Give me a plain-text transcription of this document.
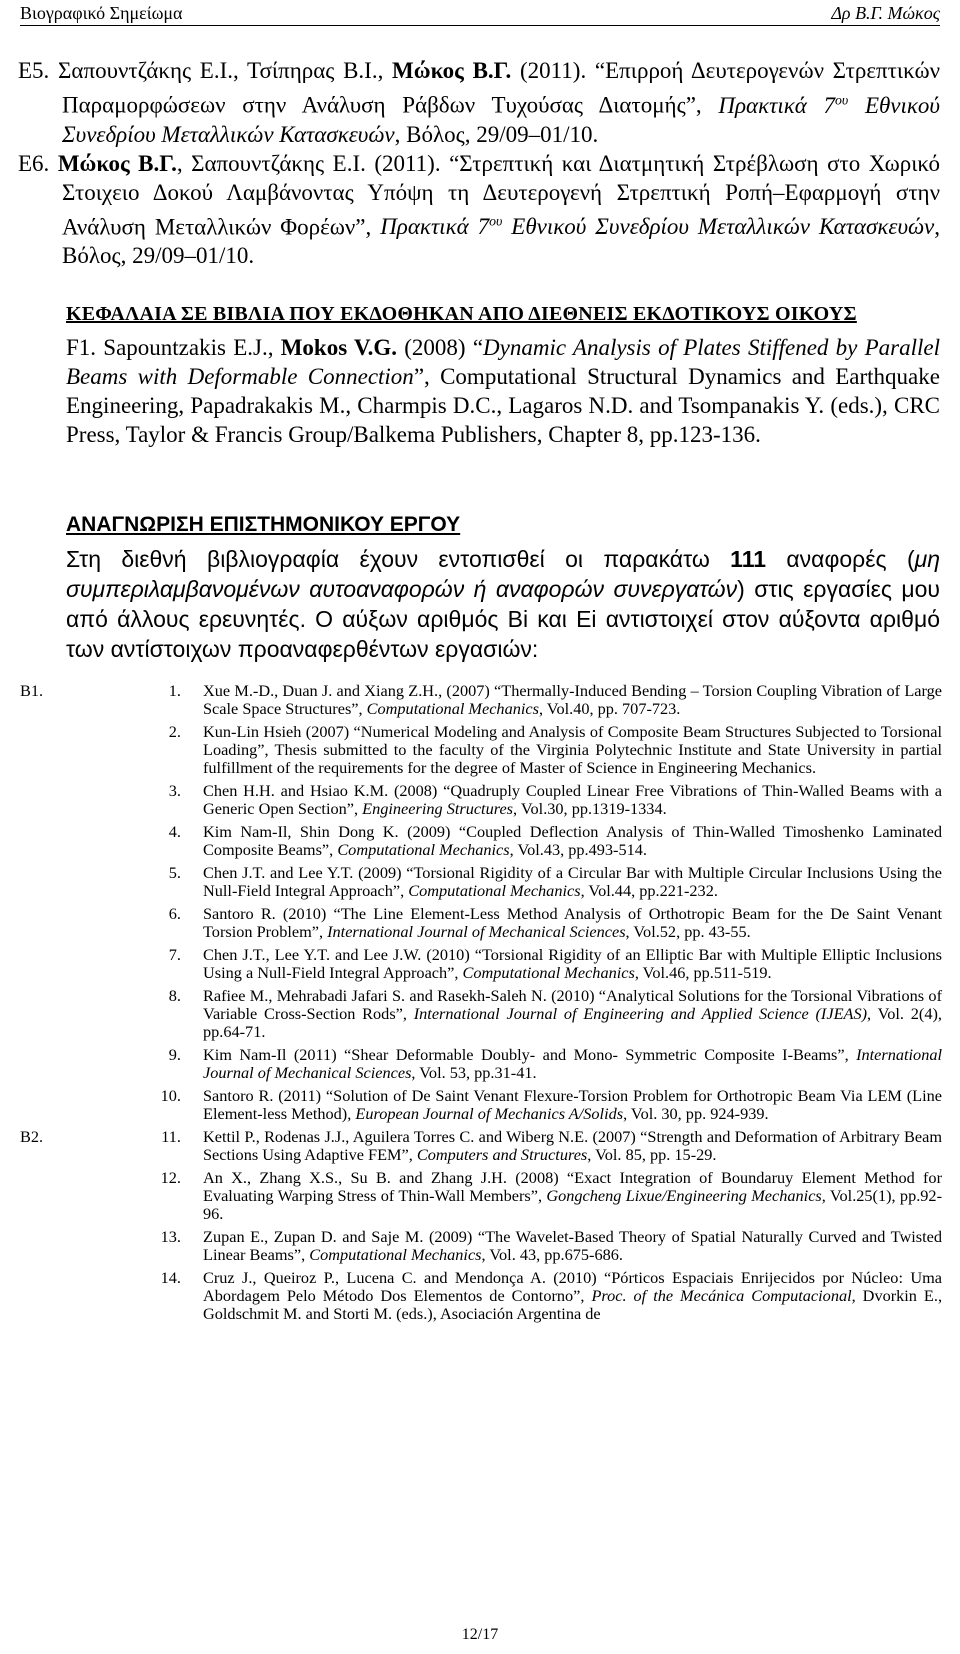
Βιογραφικό Σημείωμα	Δρ Β.Γ. Μώκος

E5. Σαπουντζάκης Ε.Ι., Τσίπηρας Β.Ι., Μώκος Β.Γ. (2011). “Επιρροή Δευτερογενών Στρεπτικών Παραμορφώσεων στην Ανάλυση Ράβδων Τυχούσας Διατομής”, Πρακτικά $7^{o\upsilon}$ Εθνικού Συνεδρίου Μεταλλικών Κατασκευών, Βόλος, 29/09–01/10.

E6. Μώκος Β.Γ., Σαπουντζάκης Ε.Ι. (2011). “Στρεπτική και Διατμητική Στρέβλωση στο Χωρικό Στοιχειο Δοκού Λαμβάνοντας Υπόψη τη Δευτερογενή Στρεπτική Ροπή–Εφαρμογή στην Ανάλυση Μεταλλικών Φορέων”, Πρακτικά $7^{o\upsilon}$ Εθνικού Συνεδρίου Μεταλλικών Κατασκευών, Βόλος, 29/09–01/10.

ΚΕΦΑΛΑΙΑ ΣΕ ΒΙΒΛΙΑ ΠΟΥ ΕΚΔΟΘΗΚΑΝ ΑΠΟ ΔΙΕΘΝΕΙΣ ΕΚΔΟΤΙΚΟΥΣ ΟΙΚΟΥΣ
F1. Sapountzakis E.J., Mokos V.G. (2008) “Dynamic Analysis of Plates Stiffened by Parallel Beams with Deformable Connection”, Computational Structural Dynamics and Earthquake Engineering, Papadrakakis M., Charmpis D.C., Lagaros N.D. and Tsompanakis Y. (eds.), CRC Press, Taylor & Francis Group/Balkema Publishers, Chapter 8, pp.123-136.
ΑΝΑΓΝΩΡΙΣΗ ΕΠΙΣΤΗΜΟΝΙΚΟΥ ΕΡΓΟΥ
Στη διεθνή βιβλιογραφία έχουν εντοπισθεί οι παρακάτω 111 αναφορές (μη συμπεριλαμβανομένων αυτοαναφορών ή αναφορών συνεργατών) στις εργασίες μου από άλλους ερευνητές. Ο αύξων αριθμός Bi και Ei αντιστοιχεί στον αύξοντα αριθμό των αντίστοιχων προαναφερθέντων εργασιών:
B1.	1. Xue M.-D., Duan J. and Xiang Z.H., (2007) “Thermally-Induced Bending – Torsion Coupling Vibration of Large Scale Space Structures”, Computational Mechanics, Vol.40, pp. 707-723.
2. Kun-Lin Hsieh (2007) “Numerical Modeling and Analysis of Composite Beam Structures Subjected to Torsional Loading”, Thesis submitted to the faculty of the Virginia Polytechnic Institute and State University in partial fulfillment of the requirements for the degree of Master of Science in Engineering Mechanics.
3. Chen H.H. and Hsiao K.M. (2008) “Quadruply Coupled Linear Free Vibrations of Thin-Walled Beams with a Generic Open Section”, Engineering Structures, Vol.30, pp.1319-1334.
4. Kim Nam-Il, Shin Dong K. (2009) “Coupled Deflection Analysis of Thin-Walled Timoshenko Laminated Composite Beams”, Computational Mechanics, Vol.43, pp.493-514.
5. Chen J.T. and Lee Y.T. (2009) “Torsional Rigidity of a Circular Bar with Multiple Circular Inclusions Using the Null-Field Integral Approach”, Computational Mechanics, Vol.44, pp.221-232.
6. Santoro R. (2010) “The Line Element-Less Method Analysis of Orthotropic Beam for the De Saint Venant Torsion Problem”, International Journal of Mechanical Sciences, Vol.52, pp. 43-55.
7. Chen J.T., Lee Y.T. and Lee J.W. (2010) “Torsional Rigidity of an Elliptic Bar with Multiple Elliptic Inclusions Using a Null-Field Integral Approach”, Computational Mechanics, Vol.46, pp.511-519.
8. Rafiee M., Mehrabadi Jafari S. and Rasekh-Saleh N. (2010) “Analytical Solutions for the Torsional Vibrations of Variable Cross-Section Rods”, International Journal of Engineering and Applied Science (IJEAS), Vol. 2(4), pp.64-71.
9. Kim Nam-Il (2011) “Shear Deformable Doubly- and Mono- Symmetric Composite I-Beams”, International Journal of Mechanical Sciences, Vol. 53, pp.31-41.
10. Santoro R. (2011) “Solution of De Saint Venant Flexure-Torsion Problem for Orthotropic Beam Via LEM (Line Element-less Method), European Journal of Mechanics A/Solids, Vol. 30, pp. 924-939.
B2.	11. Kettil P., Rodenas J.J., Aguilera Torres C. and Wiberg N.E. (2007) “Strength and Deformation of Arbitrary Beam Sections Using Adaptive FEM”, Computers and Structures, Vol. 85, pp. 15-29.
12. An X., Zhang X.S., Su B. and Zhang J.H. (2008) “Exact Integration of Boundaruy Element Method for Evaluating Warping Stress of Thin-Wall Members”, Gongcheng Lixue/Engineering Mechanics, Vol.25(1), pp.92-96.
13. Zupan E., Zupan D. and Saje M. (2009) “The Wavelet-Based Theory of Spatial Naturally Curved and Twisted Linear Beams”, Computational Mechanics, Vol. 43, pp.675-686.
14. Cruz J., Queiroz P., Lucena C. and Mendonça A. (2010) “Pórticos Espaciais Enrijecidos por Núcleo: Uma Abordagem Pelo Método Dos Elementos de Contorno”, Proc. of the Mecánica Computacional, Dvorkin E., Goldschmit M. and Storti M. (eds.), Asociación Argentina de
12/17
